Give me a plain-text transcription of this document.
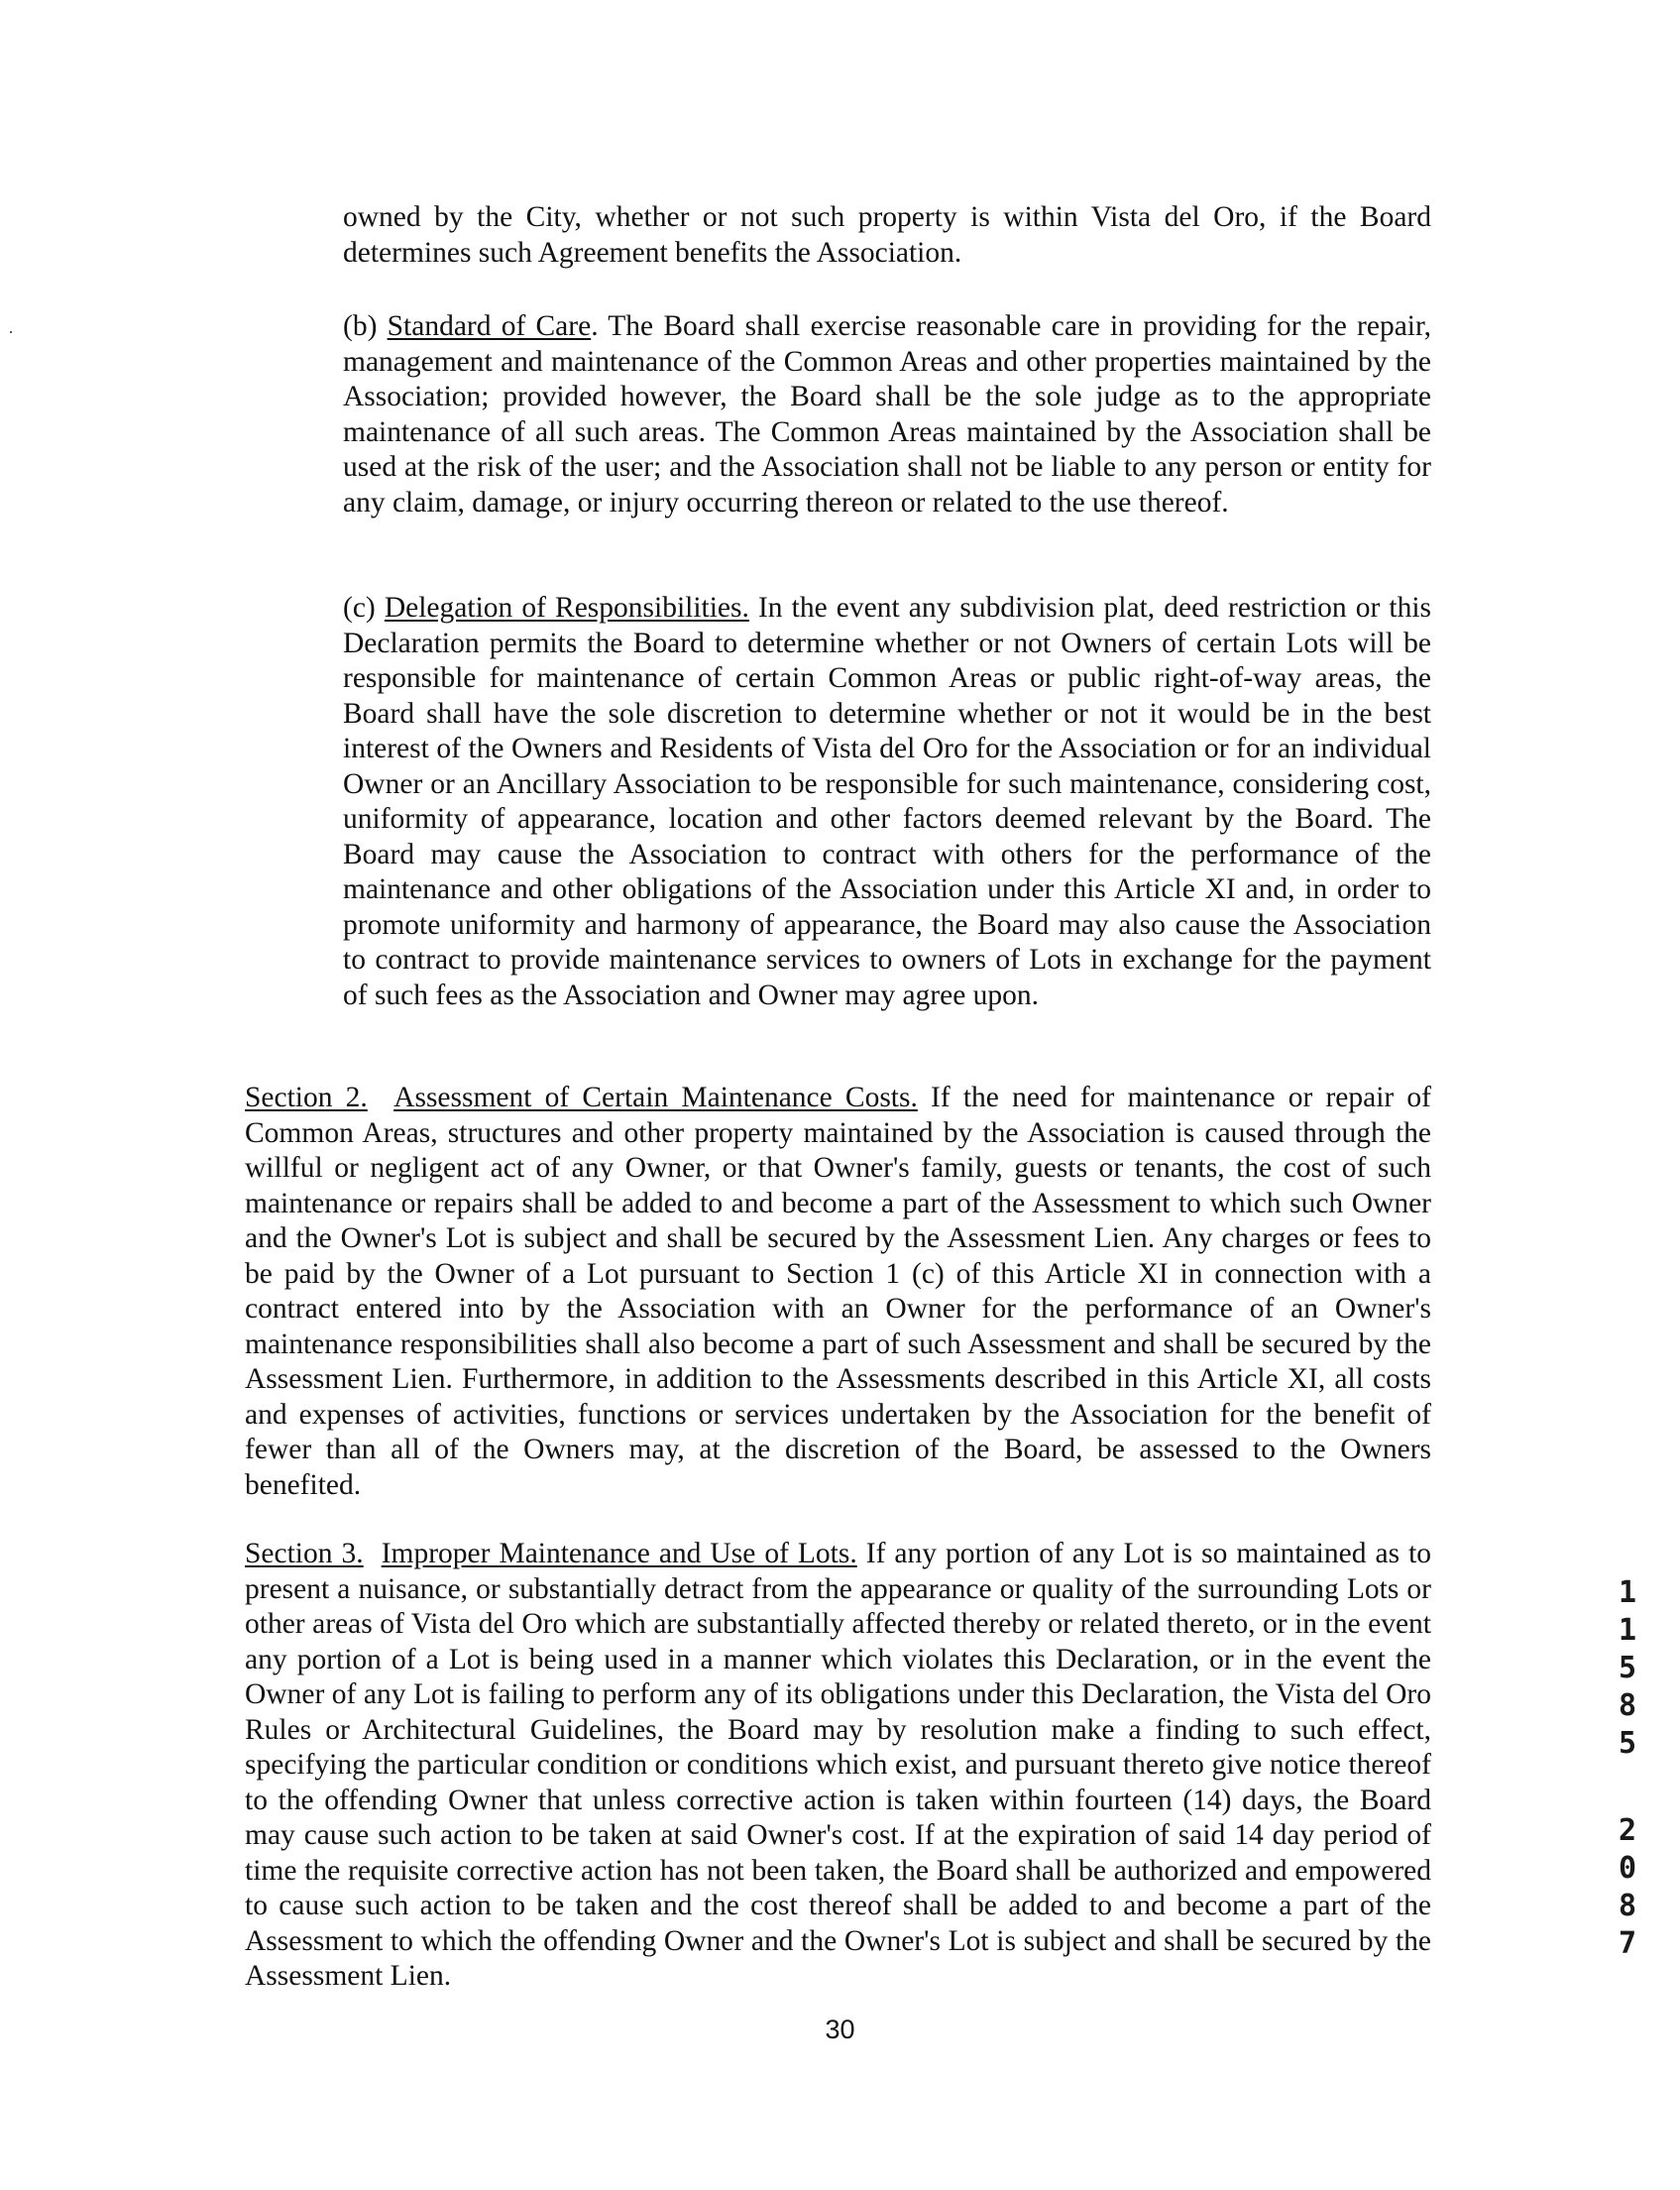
owned by the City, whether or not such property is within Vista del Oro, if the Board determines such Agreement benefits the Association.

(b) Standard of Care. The Board shall exercise reasonable care in providing for the repair, management and maintenance of the Common Areas and other properties maintained by the Association; provided however, the Board shall be the sole judge as to the appropriate maintenance of all such areas. The Common Areas maintained by the Association shall be used at the risk of the user; and the Association shall not be liable to any person or entity for any claim, damage, or injury occurring thereon or related to the use thereof.

(c) Delegation of Responsibilities. In the event any subdivision plat, deed restriction or this Declaration permits the Board to determine whether or not Owners of certain Lots will be responsible for maintenance of certain Common Areas or public right-of-way areas, the Board shall have the sole discretion to determine whether or not it would be in the best interest of the Owners and Residents of Vista del Oro for the Association or for an individual Owner or an Ancillary Association to be responsible for such maintenance, considering cost, uniformity of appearance, location and other factors deemed relevant by the Board. The Board may cause the Association to contract with others for the performance of the maintenance and other obligations of the Association under this Article XI and, in order to promote uniformity and harmony of appearance, the Board may also cause the Association to contract to provide maintenance services to owners of Lots in exchange for the payment of such fees as the Association and Owner may agree upon.

Section 2. Assessment of Certain Maintenance Costs. If the need for maintenance or repair of Common Areas, structures and other property maintained by the Association is caused through the willful or negligent act of any Owner, or that Owner's family, guests or tenants, the cost of such maintenance or repairs shall be added to and become a part of the Assessment to which such Owner and the Owner's Lot is subject and shall be secured by the Assessment Lien. Any charges or fees to be paid by the Owner of a Lot pursuant to Section 1 (c) of this Article XI in connection with a contract entered into by the Association with an Owner for the performance of an Owner's maintenance responsibilities shall also become a part of such Assessment and shall be secured by the Assessment Lien. Furthermore, in addition to the Assessments described in this Article XI, all costs and expenses of activities, functions or services undertaken by the Association for the benefit of fewer than all of the Owners may, at the discretion of the Board, be assessed to the Owners benefited.

Section 3. Improper Maintenance and Use of Lots. If any portion of any Lot is so maintained as to present a nuisance, or substantially detract from the appearance or quality of the surrounding Lots or other areas of Vista del Oro which are substantially affected thereby or related thereto, or in the event any portion of a Lot is being used in a manner which violates this Declaration, or in the event the Owner of any Lot is failing to perform any of its obligations under this Declaration, the Vista del Oro Rules or Architectural Guidelines, the Board may by resolution make a finding to such effect, specifying the particular condition or conditions which exist, and pursuant thereto give notice thereof to the offending Owner that unless corrective action is taken within fourteen (14) days, the Board may cause such action to be taken at said Owner's cost. If at the expiration of said 14 day period of time the requisite corrective action has not been taken, the Board shall be authorized and empowered to cause such action to be taken and the cost thereof shall be added to and become a part of the Assessment to which the offending Owner and the Owner's Lot is subject and shall be secured by the Assessment Lien.

30
1
1
5
8
5
2
0
8
7
